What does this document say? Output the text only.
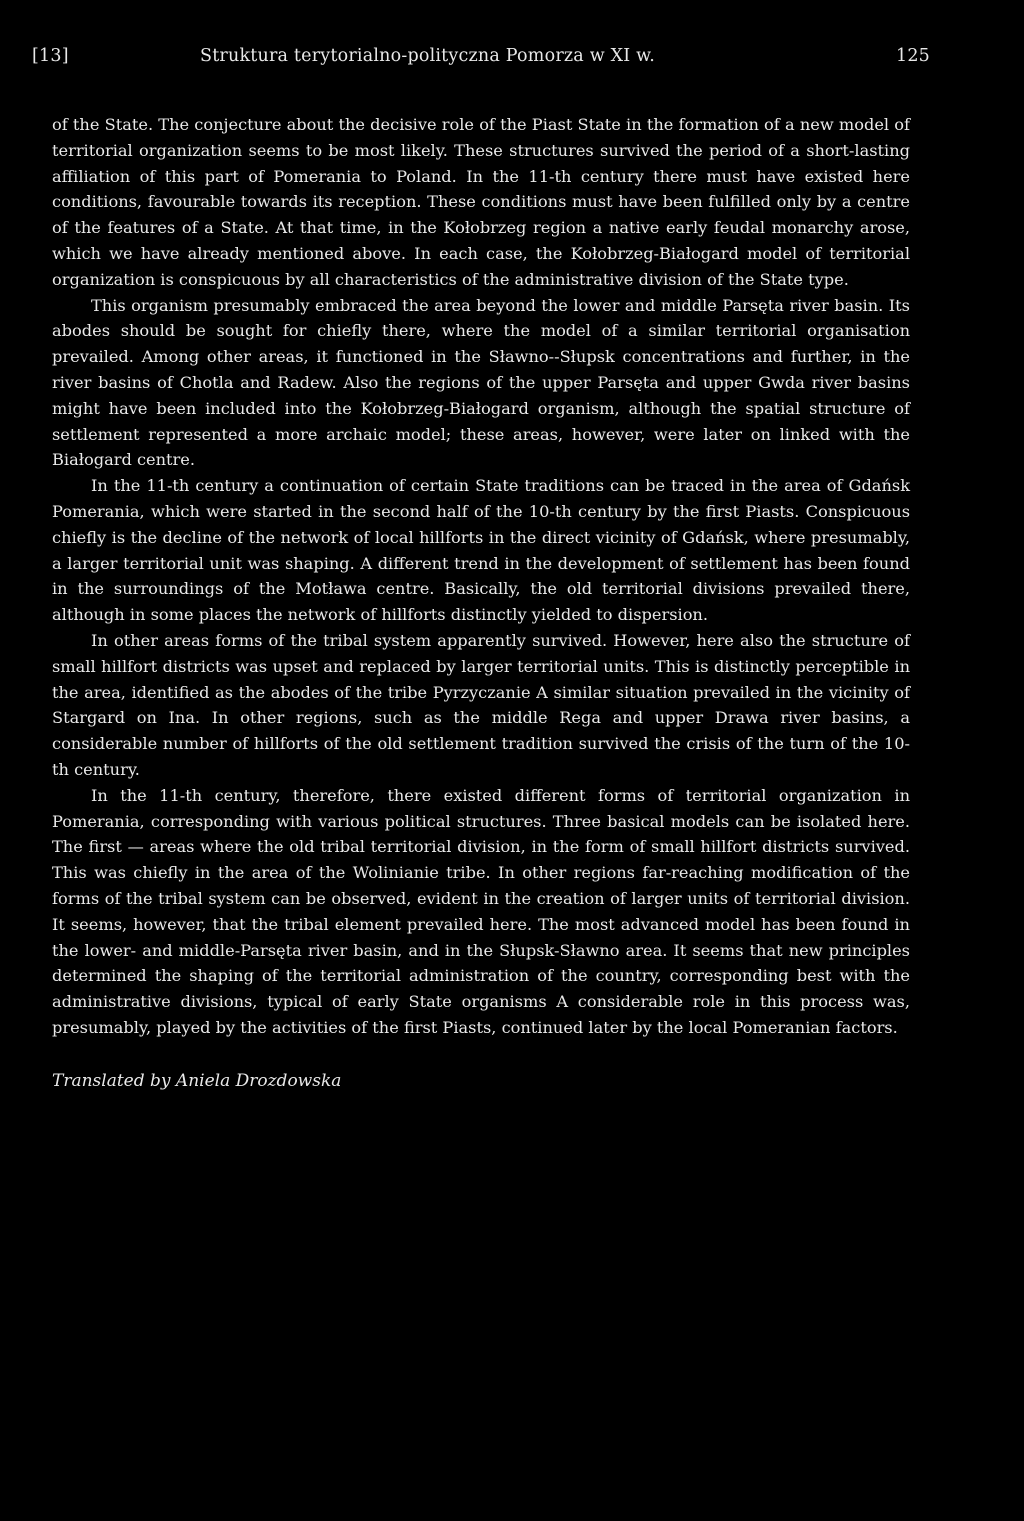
[13]	Struktura terytorialno-polityczna Pomorza w XI w.	125

of the State. The conjecture about the decisive role of the Piast State in the formation of a new model of territorial organization seems to be most likely. These structures survived the period of a short-lasting affiliation of this part of Pomerania to Poland. In the 11-th century there must have existed here conditions, favourable towards its reception. These conditions must have been fulfilled only by a centre of the features of a State. At that time, in the Kołobrzeg region a native early feudal monarchy arose, which we have already mentioned above. In each case, the Kołobrzeg-Białogard model of territorial organization is conspicuous by all characteristics of the administrative division of the State type.

This organism presumably embraced the area beyond the lower and middle Parsęta river basin. Its abodes should be sought for chiefly there, where the model of a similar territorial organisation prevailed. Among other areas, it functioned in the Sławno--Słupsk concentrations and further, in the river basins of Chotla and Radew. Also the regions of the upper Parsęta and upper Gwda river basins might have been included into the Kołobrzeg-Białogard organism, although the spatial structure of settlement represented a more archaic model; these areas, however, were later on linked with the Białogard centre.

In the 11-th century a continuation of certain State traditions can be traced in the area of Gdańsk Pomerania, which were started in the second half of the 10-th century by the first Piasts. Conspicuous chiefly is the decline of the network of local hillforts in the direct vicinity of Gdańsk, where presumably, a larger territorial unit was shaping. A different trend in the development of settlement has been found in the surroundings of the Motława centre. Basically, the old territorial divisions prevailed there, although in some places the network of hillforts distinctly yielded to dispersion.

In other areas forms of the tribal system apparently survived. However, here also the structure of small hillfort districts was upset and replaced by larger territorial units. This is distinctly perceptible in the area, identified as the abodes of the tribe Pyrzyczanie A similar situation prevailed in the vicinity of Stargard on Ina. In other regions, such as the middle Rega and upper Drawa river basins, a considerable number of hillforts of the old settlement tradition survived the crisis of the turn of the 10-th century.

In the 11-th century, therefore, there existed different forms of territorial organization in Pomerania, corresponding with various political structures. Three basical models can be isolated here. The first — areas where the old tribal territorial division, in the form of small hillfort districts survived. This was chiefly in the area of the Wolinianie tribe. In other regions far-reaching modification of the forms of the tribal system can be observed, evident in the creation of larger units of territorial division. It seems, however, that the tribal element prevailed here. The most advanced model has been found in the lower- and middle-Parsęta river basin, and in the Słupsk-Sławno area. It seems that new principles determined the shaping of the territorial administration of the country, corresponding best with the administrative divisions, typical of early State organisms A considerable role in this process was, presumably, played by the activities of the first Piasts, continued later by the local Pomeranian factors.

Translated by Aniela Drozdowska
